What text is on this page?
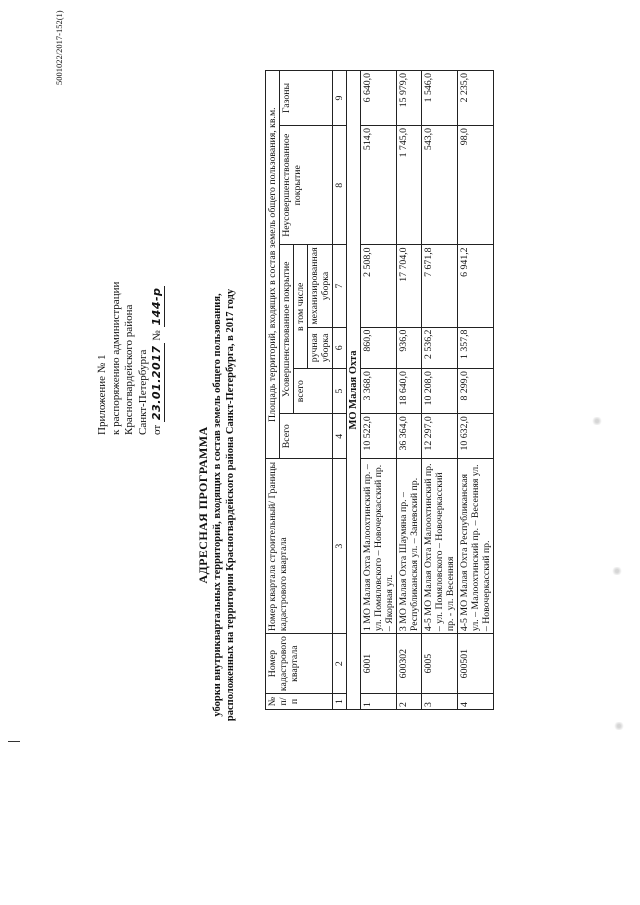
5001022/2017-152(1)
Приложение № 1 к распоряжению администрации Красногвардейского района Санкт-Петербурга от 23.01.2017 № 144-р
АДРЕСНАЯ ПРОГРАММА уборки внутриквартальных территорий, входящих в состав земель общего пользования, расположенных на территории Красногвардейского района Санкт-Петербурга, в 2017 году	№ п/п	Номер кадастрового квартала	Номер квартала строительный/ Границы кадастрового квартала	Площадь территорий, входящих в состав земель общего пользования, кв.м.					
			Всего	Усовершенствованное покрытие			Неусовершенствованное покрытие	Газоны
				всего	в том числе			
					ручная уборка	механизированная уборка		
1	2	3	4	5	6	7	8	9
МО Малая Охта								
1	6001	1 МО Малая Охта Малоохтинский пр. – ул. Помяловского – Новочеркасский пр. – Якорная ул.	10 522,0	3 368,0	860,0	2 508,0	514,0	6 640,0
2	600302	3 МО Малая Охта Шаумяна пр. – Республиканская ул. – Заневский пр.	36 364,0	18 640,0	936,0	17 704,0	1 745,0	15 979,0
3	6005	4-5 МО Малая Охта Малоохтинский пр. – ул. Помяловского – Новочеркасский пр. - ул. Весенняя	12 297,0	10 208,0	2 536,2	7 671,8	543,0	1 546,0
4	600501	4-5 МО Малая Охта Республиканская ул. – Малоохтинский пр. – Весенняя ул. – Новочеркасский пр.	10 632,0	8 299,0	1 357,8	6 941,2	98,0	2 235,0
